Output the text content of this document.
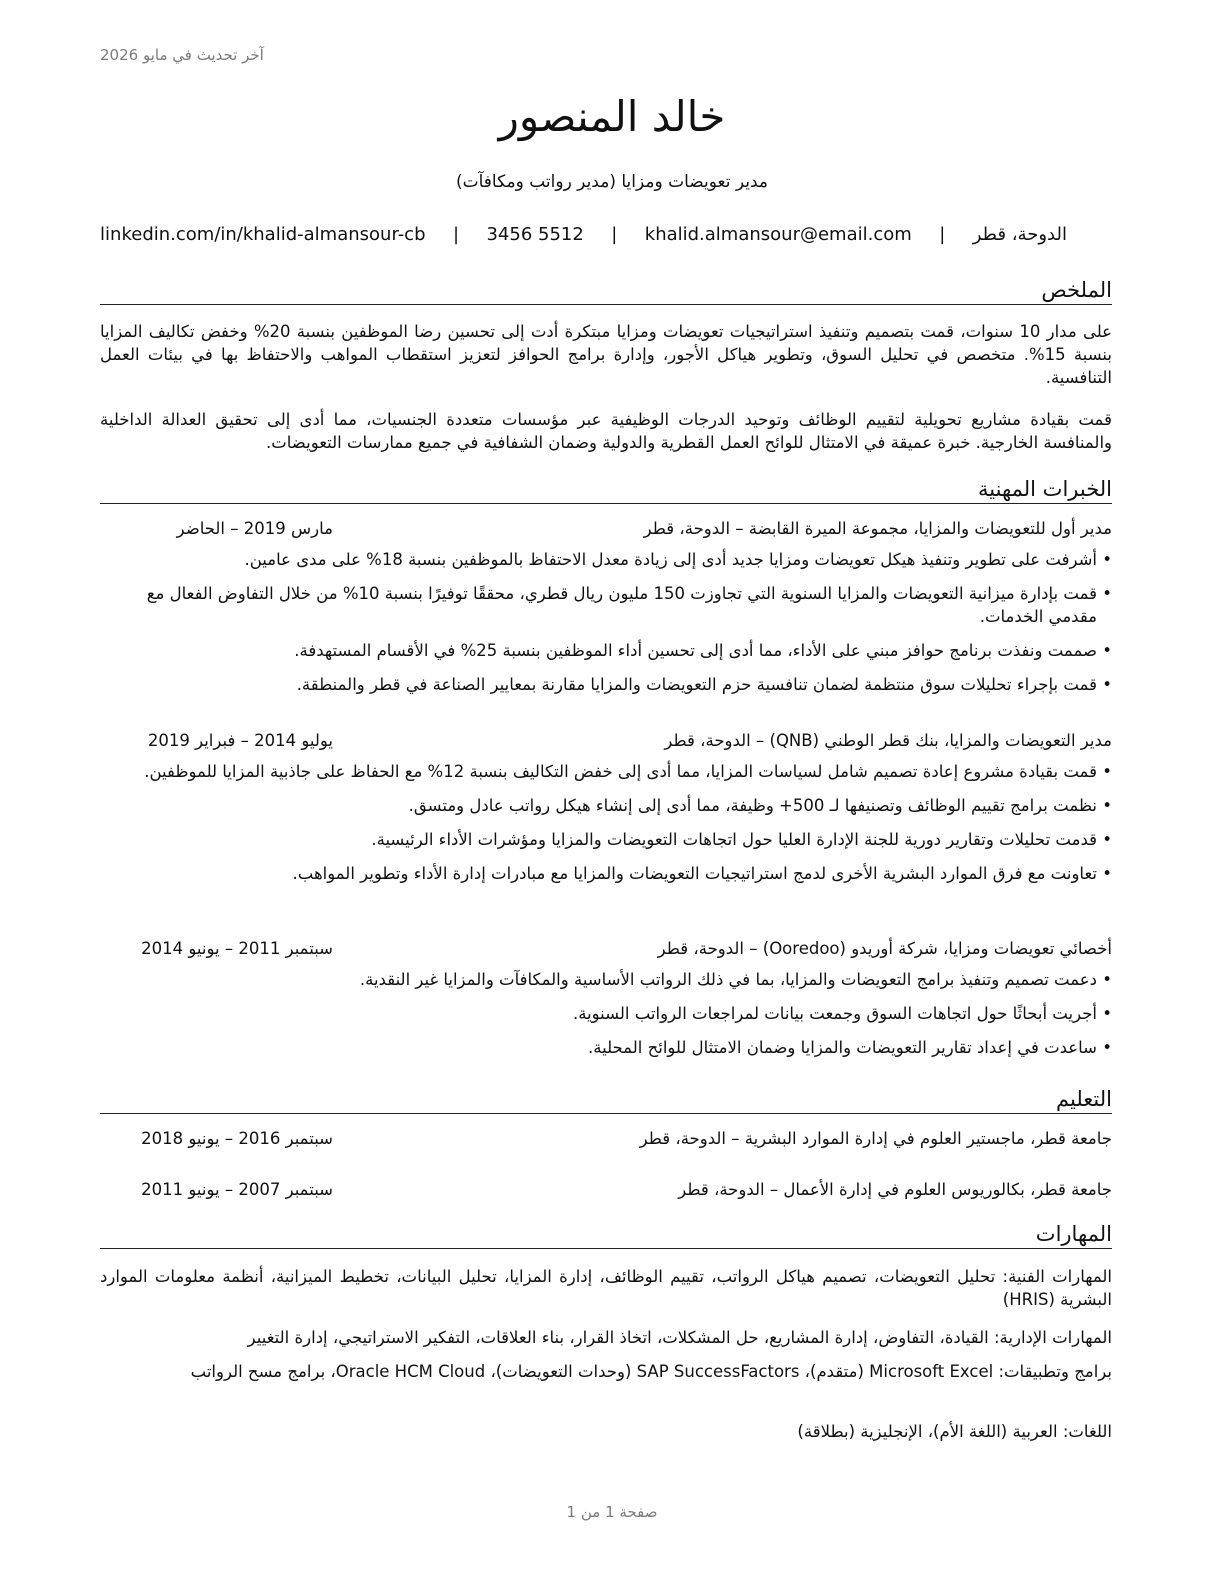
آخر تحديث في مايو 2026
خالد المنصور
مدير تعويضات ومزايا (مدير رواتب ومكافآت)
الدوحة، قطر
|
khalid.almansour@email.com
|
3456 5512
|
linkedin.com/in/khalid-almansour-cb
الملخص
على مدار 10 سنوات، قمت بتصميم وتنفيذ استراتيجيات تعويضات ومزايا مبتكرة أدت إلى تحسين رضا الموظفين بنسبة 20% وخفض تكاليف المزايا بنسبة 15%. متخصص في تحليل السوق، وتطوير هياكل الأجور، وإدارة برامج الحوافز لتعزيز استقطاب المواهب والاحتفاظ بها في بيئات العمل التنافسية.
قمت بقيادة مشاريع تحويلية لتقييم الوظائف وتوحيد الدرجات الوظيفية عبر مؤسسات متعددة الجنسيات، مما أدى إلى تحقيق العدالة الداخلية والمنافسة الخارجية. خبرة عميقة في الامتثال للوائح العمل القطرية والدولية وضمان الشفافية في جميع ممارسات التعويضات.
الخبرات المهنية
مدير أول للتعويضات والمزايا، مجموعة الميرة القابضة – الدوحة، قطر
مارس 2019 – الحاضر
• أشرفت على تطوير وتنفيذ هيكل تعويضات ومزايا جديد أدى إلى زيادة معدل الاحتفاظ بالموظفين بنسبة 18% على مدى عامين.
• قمت بإدارة ميزانية التعويضات والمزايا السنوية التي تجاوزت 150 مليون ريال قطري، محققًا توفيرًا بنسبة 10% من خلال التفاوض الفعال مع مقدمي الخدمات.
• صممت ونفذت برنامج حوافز مبني على الأداء، مما أدى إلى تحسين أداء الموظفين بنسبة 25% في الأقسام المستهدفة.
• قمت بإجراء تحليلات سوق منتظمة لضمان تنافسية حزم التعويضات والمزايا مقارنة بمعايير الصناعة في قطر والمنطقة.
مدير التعويضات والمزايا، بنك قطر الوطني (QNB) – الدوحة، قطر
يوليو 2014 – فبراير 2019
• قمت بقيادة مشروع إعادة تصميم شامل لسياسات المزايا، مما أدى إلى خفض التكاليف بنسبة 12% مع الحفاظ على جاذبية المزايا للموظفين.
• نظمت برامج تقييم الوظائف وتصنيفها لـ 500+ وظيفة، مما أدى إلى إنشاء هيكل رواتب عادل ومتسق.
• قدمت تحليلات وتقارير دورية للجنة الإدارة العليا حول اتجاهات التعويضات والمزايا ومؤشرات الأداء الرئيسية.
• تعاونت مع فرق الموارد البشرية الأخرى لدمج استراتيجيات التعويضات والمزايا مع مبادرات إدارة الأداء وتطوير المواهب.
أخصائي تعويضات ومزايا، شركة أوريدو (Ooredoo) – الدوحة، قطر
سبتمبر 2011 – يونيو 2014
• دعمت تصميم وتنفيذ برامج التعويضات والمزايا، بما في ذلك الرواتب الأساسية والمكافآت والمزايا غير النقدية.
• أجريت أبحاثًا حول اتجاهات السوق وجمعت بيانات لمراجعات الرواتب السنوية.
• ساعدت في إعداد تقارير التعويضات والمزايا وضمان الامتثال للوائح المحلية.
التعليم
جامعة قطر، ماجستير العلوم في إدارة الموارد البشرية – الدوحة، قطر
سبتمبر 2016 – يونيو 2018
جامعة قطر، بكالوريوس العلوم في إدارة الأعمال – الدوحة، قطر
سبتمبر 2007 – يونيو 2011
المهارات
المهارات الفنية: تحليل التعويضات، تصميم هياكل الرواتب، تقييم الوظائف، إدارة المزايا، تحليل البيانات، تخطيط الميزانية، أنظمة معلومات الموارد البشرية (HRIS)
المهارات الإدارية: القيادة، التفاوض، إدارة المشاريع، حل المشكلات، اتخاذ القرار، بناء العلاقات، التفكير الاستراتيجي، إدارة التغيير
برامج وتطبيقات: Microsoft Excel (متقدم)، SAP SuccessFactors (وحدات التعويضات)، Oracle HCM Cloud، برامج مسح الرواتب
اللغات: العربية (اللغة الأم)، الإنجليزية (بطلاقة)
صفحة 1 من 1
